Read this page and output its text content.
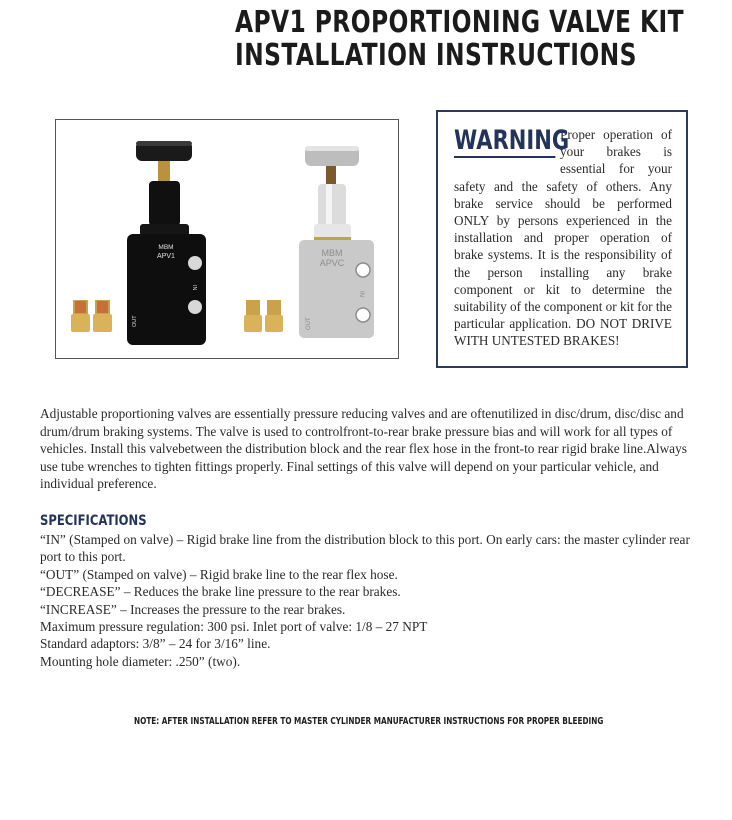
APV1 PROPORTIONING VALVE KIT
INSTALLATION INSTRUCTIONS
MBM
APV1
IN
OUT
MBM
APVC
IN
OUT
WARNING
Proper operation of your brakes is essential for your safety and the safety of others. Any brake service should be performed ONLY by persons experienced in the installation and proper operation of brake systems. It is the responsibility of the person installing any brake component or kit to determine the suitability of the component or kit for the particular application. DO NOT DRIVE WITH UNTESTED BRAKES!
Adjustable proportioning valves are essentially pressure reducing valves and are oftenutilized in disc/drum, disc/disc and drum/drum braking systems. The valve is used to controlfront-to-rear brake pressure bias and will work for all types of vehicles. Install this valvebetween the distribution block and the rear flex hose in the front-to rear rigid brake line.Always use tube wrenches to tighten fittings properly. Final settings of this valve will depend on your particular vehicle, and individual preference.
SPECIFICATIONS
“IN” (Stamped on valve) – Rigid brake line from the distribution block to this port. On early cars: the master cylinder rear port to this port.
“OUT” (Stamped on valve) – Rigid brake line to the rear flex hose.
“DECREASE” – Reduces the brake line pressure to the rear brakes.
“INCREASE” – Increases the pressure to the rear brakes.
Maximum pressure regulation: 300 psi. Inlet port of valve: 1/8 – 27 NPT
Standard adaptors: 3/8” – 24 for 3/16” line.
Mounting hole diameter: .250” (two).
NOTE: AFTER INSTALLATION REFER TO MASTER CYLINDER MANUFACTURER INSTRUCTIONS FOR PROPER BLEEDING
